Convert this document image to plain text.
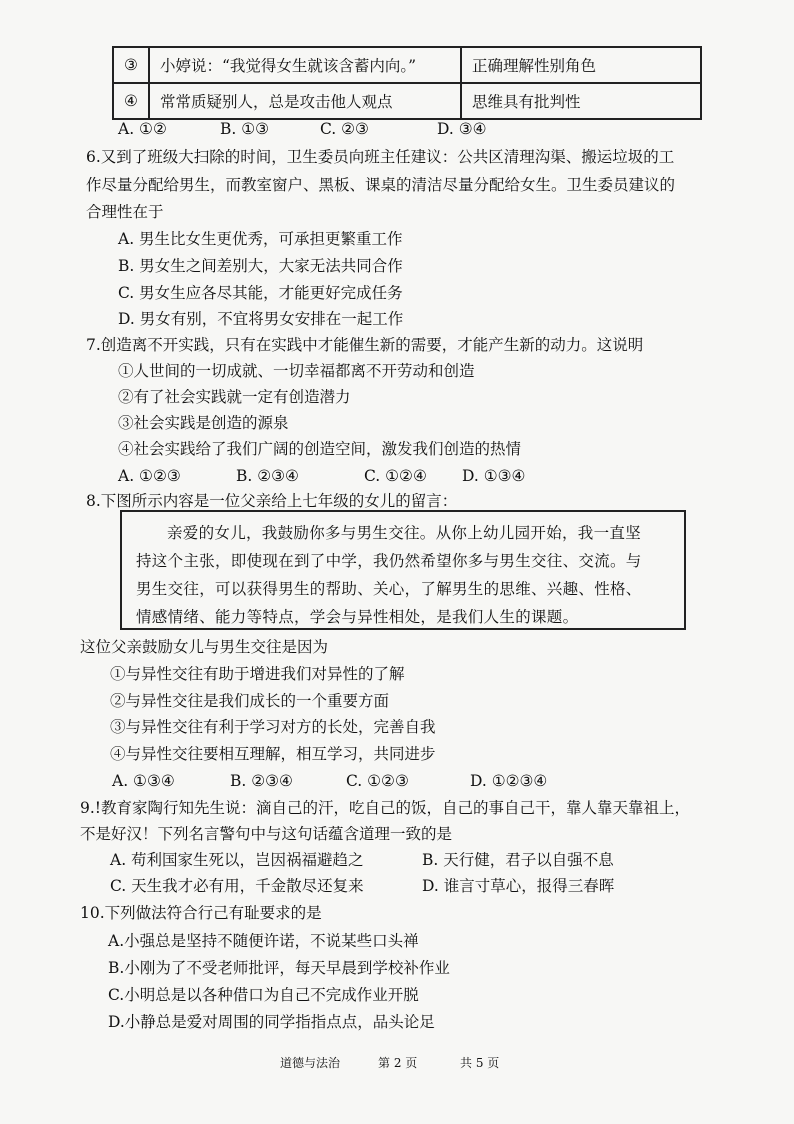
③	小婷说：“我觉得女生就该含蓄内向。”	正确理解性别角色
④	常常质疑别人，总是攻击他人观点	思维具有批判性
A. ①②	B. ①③	C. ②③	D. ③④
6.又到了班级大扫除的时间，卫生委员向班主任建议：公共区清理沟渠、搬运垃圾的工
作尽量分配给男生，而教室窗户、黑板、课桌的清洁尽量分配给女生。卫生委员建议的
合理性在于
A. 男生比女生更优秀，可承担更繁重工作
B. 男女生之间差别大，大家无法共同合作
C. 男女生应各尽其能，才能更好完成任务
D. 男女有别，不宜将男女安排在一起工作
7.创造离不开实践，只有在实践中才能催生新的需要，才能产生新的动力。这说明
①人世间的一切成就、一切幸福都离不开劳动和创造
②有了社会实践就一定有创造潜力
③社会实践是创造的源泉
④社会实践给了我们广阔的创造空间，激发我们创造的热情
A. ①②③	B. ②③④	C. ①②④ D. ①③④
8.下图所示内容是一位父亲给上七年级的女儿的留言：

亲爱的女儿，我鼓励你多与男生交往。从你上幼儿园开始，我一直坚

持这个主张，即使现在到了中学，我仍然希望你多与男生交往、交流。与

男生交往，可以获得男生的帮助、关心，了解男生的思维、兴趣、性格、

情感情绪、能力等特点，学会与异性相处，是我们人生的课题。

这位父亲鼓励女儿与男生交往是因为
①与异性交往有助于增进我们对异性的了解
②与异性交往是我们成长的一个重要方面
③与异性交往有利于学习对方的长处，完善自我
④与异性交往要相互理解，相互学习，共同进步
A. ①③④	B. ②③④	C. ①②③	D. ①②③④
9.!教育家陶行知先生说：滴自己的汗，吃自己的饭，自己的事自己干，靠人靠天靠祖上，
不是好汉！下列名言警句中与这句话蕴含道理一致的是
A. 苟利国家生死以，岂因祸福避趋之	B. 天行健，君子以自强不息
C. 天生我才必有用，千金散尽还复来	D. 谁言寸草心，报得三春晖
10.下列做法符合行己有耻要求的是
A.小强总是坚持不随便许诺，不说某些口头禅
B.小刚为了不受老师批评，每天早晨到学校补作业
C.小明总是以各种借口为自己不完成作业开脱
D.小静总是爱对周围的同学指指点点，品头论足
道德与法治	第 2 页	共 5 页
